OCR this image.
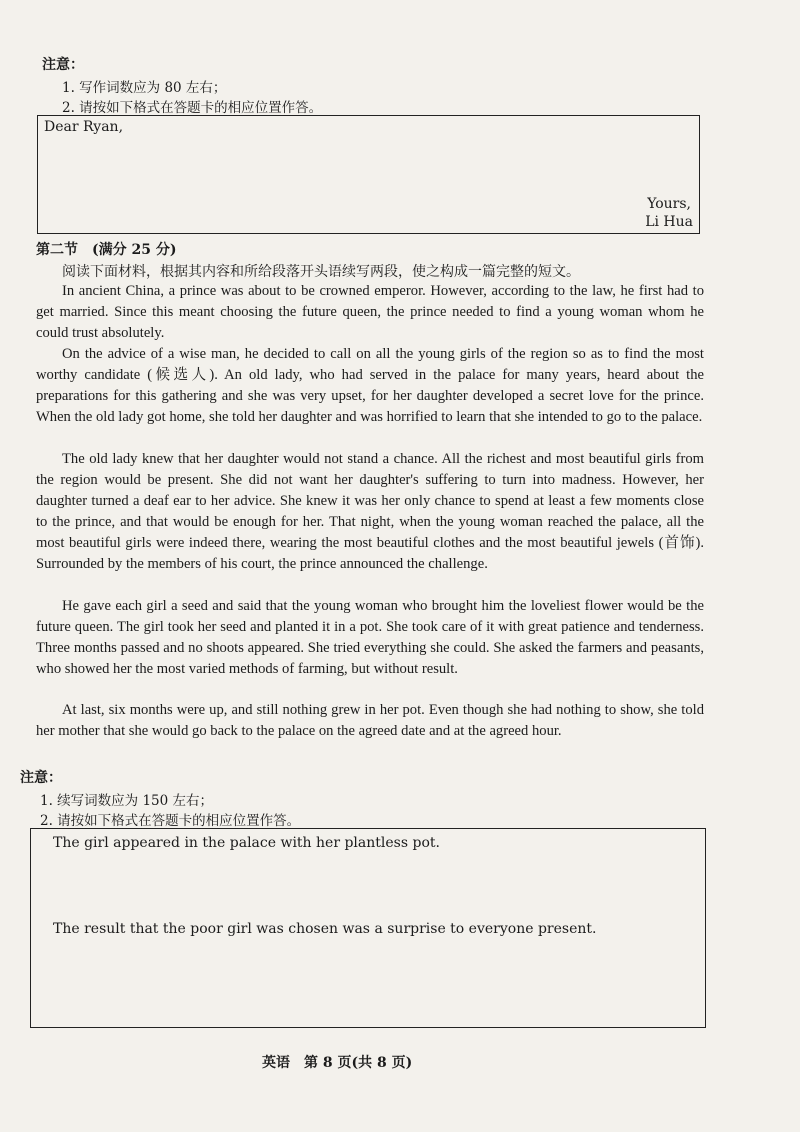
注意：
1. 写作词数应为 80 左右；
2. 请按如下格式在答题卡的相应位置作答。
Dear Ryan,
Yours,
Li Hua
第二节　(满分 25 分)
阅读下面材料，根据其内容和所给段落开头语续写两段，使之构成一篇完整的短文。
In ancient China, a prince was about to be crowned emperor. However, according to the law, he first had to get married. Since this meant choosing the future queen, the prince needed to find a young woman whom he could trust absolutely.
On the advice of a wise man, he decided to call on all the young girls of the region so as to find the most worthy candidate (候选人). An old lady, who had served in the palace for many years, heard about the preparations for this gathering and she was very upset, for her daughter developed a secret love for the prince. When the old lady got home, she told her daughter and was horrified to learn that she intended to go to the palace.
The old lady knew that her daughter would not stand a chance. All the richest and most beautiful girls from the region would be present. She did not want her daughter's suffering to turn into madness. However, her daughter turned a deaf ear to her advice. She knew it was her only chance to spend at least a few moments close to the prince, and that would be enough for her. That night, when the young woman reached the palace, all the most beautiful girls were indeed there, wearing the most beautiful clothes and the most beautiful jewels (首饰). Surrounded by the members of his court, the prince announced the challenge.
He gave each girl a seed and said that the young woman who brought him the loveliest flower would be the future queen. The girl took her seed and planted it in a pot. She took care of it with great patience and tenderness. Three months passed and no shoots appeared. She tried everything she could. She asked the farmers and peasants, who showed her the most varied methods of farming, but without result.
At last, six months were up, and still nothing grew in her pot. Even though she had nothing to show, she told her mother that she would go back to the palace on the agreed date and at the agreed hour.
注意：
1. 续写词数应为 150 左右；
2. 请按如下格式在答题卡的相应位置作答。
The girl appeared in the palace with her plantless pot.
The result that the poor girl was chosen was a surprise to everyone present.
英语　第 8 页(共 8 页)
